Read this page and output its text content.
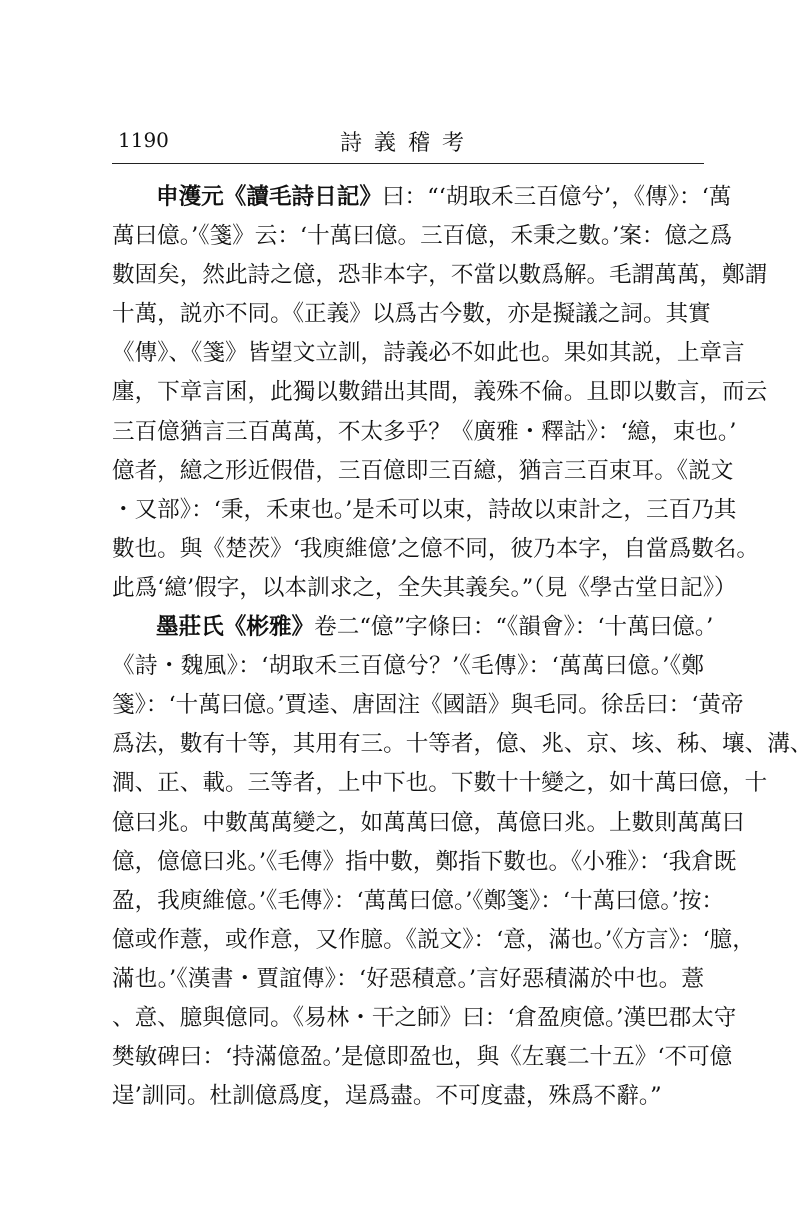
1190	詩義稽考
申濩元《讀毛詩日記》曰：“‘胡取禾三百億兮’，《傳》：‘萬
萬曰億。’《箋》云：‘十萬曰億。三百億，禾秉之數。’案：億之爲
數固矣，然此詩之億，恐非本字，不當以數爲解。毛謂萬萬，鄭謂
十萬，説亦不同。《正義》以爲古今數，亦是擬議之詞。其實
《傳》、《箋》皆望文立訓，詩義必不如此也。果如其説，上章言
廛，下章言囷，此獨以數錯出其間，義殊不倫。且即以數言，而云
三百億猶言三百萬萬，不太多乎？《廣雅・釋詁》：‘繶，束也。’
億者，繶之形近假借，三百億即三百繶，猶言三百束耳。《説文
・又部》：‘秉，禾束也。’是禾可以束，詩故以束計之，三百乃其
數也。與《楚茨》‘我庾維億’之億不同，彼乃本字，自當爲數名。
此爲‘繶’假字，以本訓求之，全失其義矣。”（見《學古堂日記》）
墨莊氏《彬雅》卷二“億”字條曰：“《韻會》：‘十萬曰億。’
《詩・魏風》：‘胡取禾三百億兮？’《毛傳》：‘萬萬曰億。’《鄭
箋》：‘十萬曰億。’賈逵、唐固注《國語》與毛同。徐岳曰：‘黄帝
爲法，數有十等，其用有三。十等者，億、兆、京、垓、秭、壤、溝、
澗、正、載。三等者，上中下也。下數十十變之，如十萬曰億，十
億曰兆。中數萬萬變之，如萬萬曰億，萬億曰兆。上數則萬萬曰
億，億億曰兆。’《毛傳》指中數，鄭指下數也。《小雅》：‘我倉既
盈，我庾維億。’《毛傳》：‘萬萬曰億。’《鄭箋》：‘十萬曰億。’按：
億或作薏，或作意，又作臆。《説文》：‘意，滿也。’《方言》：‘臆，
滿也。’《漢書・賈誼傳》：‘好惡積意。’言好惡積滿於中也。薏
、意、臆與億同。《易林・干之師》曰：‘倉盈庾億。’漢巴郡太守
樊敏碑曰：‘持滿億盈。’是億即盈也，與《左襄二十五》‘不可億
逞’訓同。杜訓億爲度，逞爲盡。不可度盡，殊爲不辭。”
